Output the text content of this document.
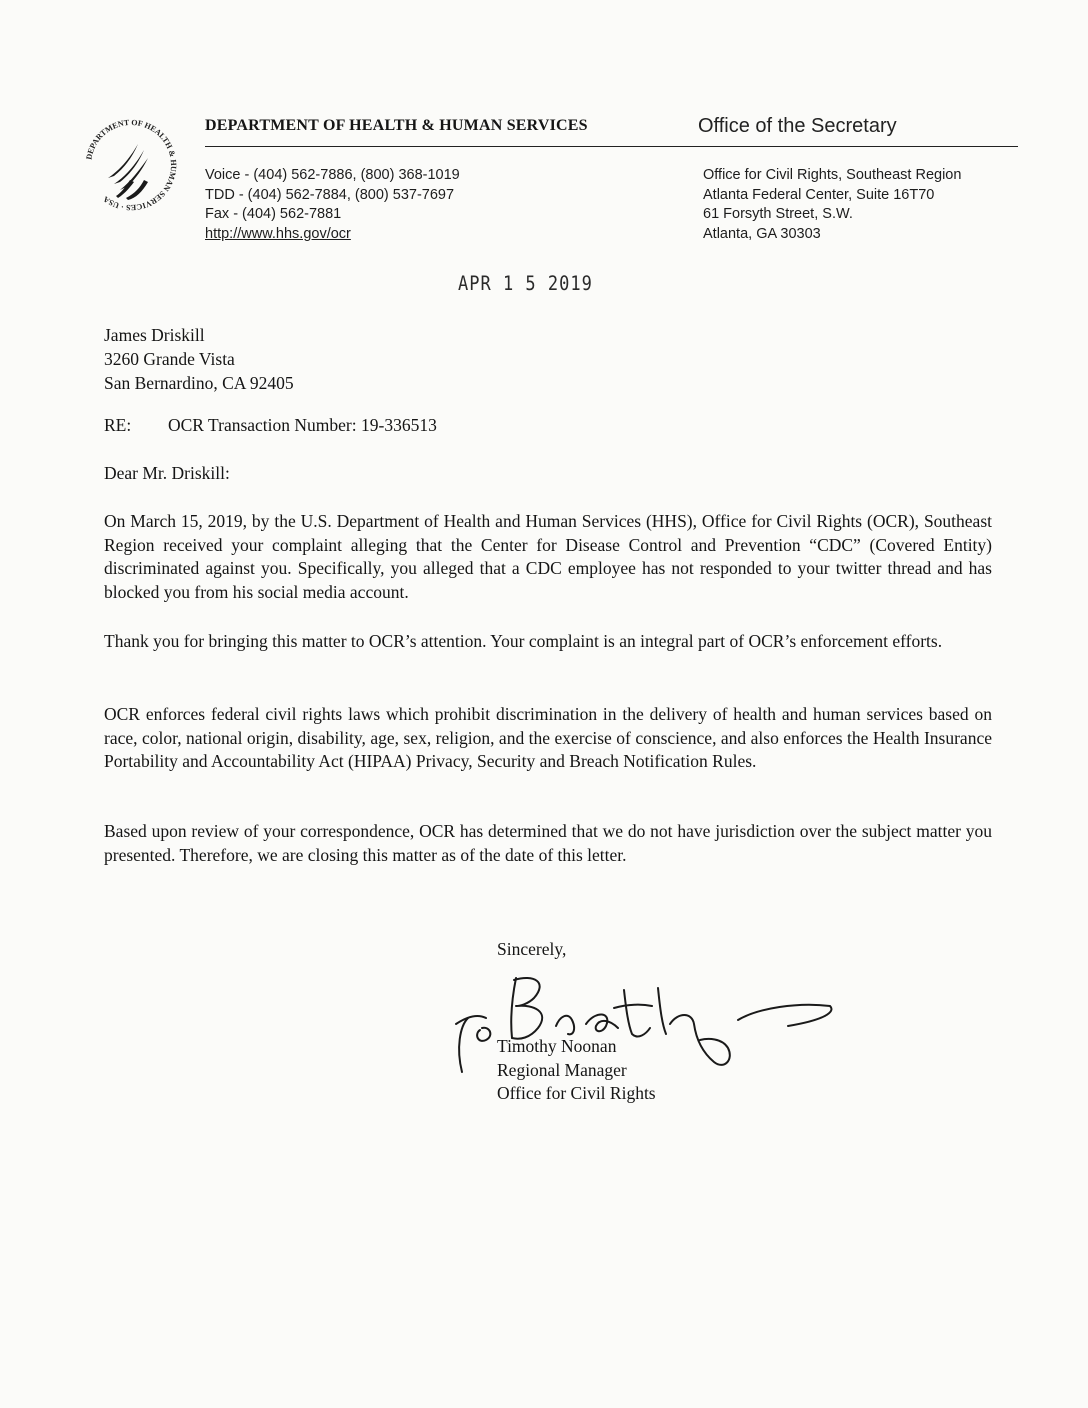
DEPARTMENT OF HEALTH & HUMAN SERVICES · USA
DEPARTMENT OF HEALTH & HUMAN SERVICES	Office of the Secretary
Voice - (404) 562-7886, (800) 368-1019
TDD - (404) 562-7884, (800) 537-7697
Fax - (404) 562-7881
http://www.hhs.gov/ocr
Office for Civil Rights, Southeast Region
Atlanta Federal Center, Suite 16T70
61 Forsyth Street, S.W.
Atlanta, GA 30303
APR 1 5 2019
James Driskill
3260 Grande Vista
San Bernardino, CA 92405
RE: OCR Transaction Number: 19-336513
Dear Mr. Driskill:

On March 15, 2019, by the U.S. Department of Health and Human Services (HHS), Office for Civil Rights (OCR), Southeast Region received your complaint alleging that the Center for Disease Control and Prevention “CDC” (Covered Entity) discriminated against you. Specifically, you alleged that a CDC employee has not responded to your twitter thread and has blocked you from his social media account.

Thank you for bringing this matter to OCR’s attention. Your complaint is an integral part of OCR’s enforcement efforts.

OCR enforces federal civil rights laws which prohibit discrimination in the delivery of health and human services based on race, color, national origin, disability, age, sex, religion, and the exercise of conscience, and also enforces the Health Insurance Portability and Accountability Act (HIPAA) Privacy, Security and Breach Notification Rules.

Based upon review of your correspondence, OCR has determined that we do not have jurisdiction over the subject matter you presented. Therefore, we are closing this matter as of the date of this letter.

Sincerely,
Timothy Noonan
Regional Manager
Office for Civil Rights
